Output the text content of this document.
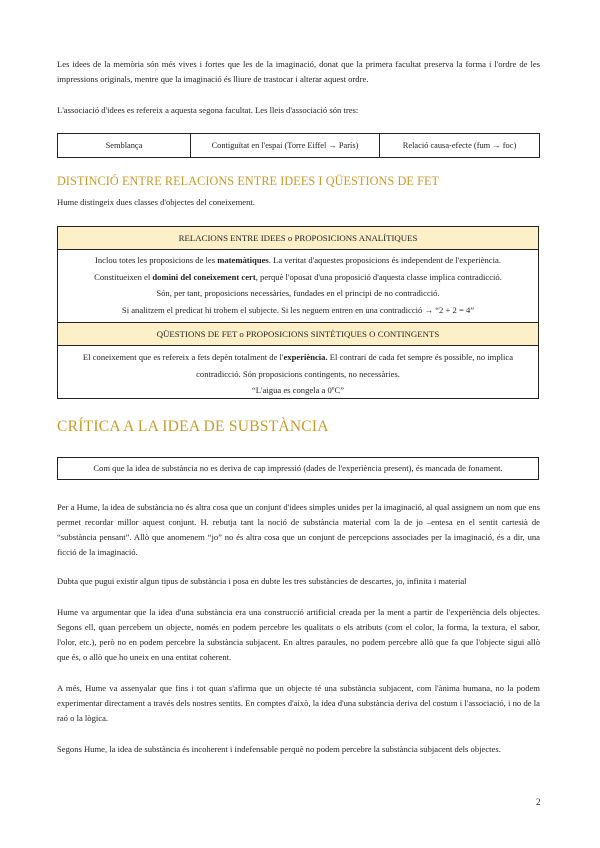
Les idees de la memòria són més vives i fortes que les de la imaginació, donat que la primera facultat preserva la forma i l'ordre de les impressions originals, mentre que la imaginació és lliure de trastocar i alterar aquest ordre.

L'associació d'idees es refereix a aquesta segona facultat. Les lleis d'associació són tres:

Semblança	Contiguïtat en l'espai (Torre Eiffel → París)	Relació causa-efecte (fum → foc)
DISTINCIÓ ENTRE RELACIONS ENTRE IDEES I QÜESTIONS DE FET

Hume distingeix dues classes d'objectes del coneixement.

RELACIONS ENTRE IDEES o PROPOSICIONS ANALÍTIQUES

Inclou totes les proposicions de les matemàtiques. La veritat d'aquestes proposicions és independent de l'experiència.

Constitueixen el domini del coneixement cert, perquè l'oposat d'una proposició d'aquesta classe implica contradicció.

Són, per tant, proposicions necessàries, fundades en el principi de no contradicció.

Si analitzem el predicat hi trobem el subjecte. Si les neguem entren en una contradicció → “2 + 2 = 4”

QÜESTIONS DE FET o PROPOSICIONS SINTÈTIQUES O CONTINGENTS

El coneixement que es refereix a fets depèn totalment de l'experiència. El contrari de cada fet sempre és possible, no implica

contradicció. Són proposicions contingents, no necessàries.

“L'aigua es congela a 0ºC”

CRÍTICA A LA IDEA DE SUBSTÀNCIA
Com que la idea de substància no es deriva de cap impressió (dades de l'experiència present), és mancada de fonament.

Per a Hume, la idea de substància no és altra cosa que un conjunt d'idees simples unides per la imaginació, al qual assignem un nom que ens permet recordar millor aquest conjunt. H. rebutja tant la noció de substància material com la de jo –entesa en el sentit cartesià de “substància pensant”. Allò que anomenem “jo” no és altra cosa que un conjunt de percepcions associades per la imaginació, és a dir, una ficció de la imaginació.

Dubta que pugui existir algun tipus de substància i posa en dubte les tres substàncies de descartes, jo, infinita i material

Hume va argumentar que la idea d'una substància era una construcció artificial creada per la ment a partir de l'experiència dels objectes. Segons ell, quan percebem un objecte, només en podem percebre les qualitats o els atributs (com el color, la forma, la textura, el sabor, l'olor, etc.), però no en podem percebre la substància subjacent. En altres paraules, no podem percebre allò que fa que l'objecte sigui allò que és, o allò que ho uneix en una entitat coherent.

A més, Hume va assenyalar que fins i tot quan s'afirma que un objecte té una substància subjacent, com l'ànima humana, no la podem experimentar directament a través dels nostres sentits. En comptes d'això, la idea d'una substància deriva del costum i l'associació, i no de la raó o la lògica.

Segons Hume, la idea de substància és incoherent i indefensable perquè no podem percebre la substància subjacent dels objectes.

2
